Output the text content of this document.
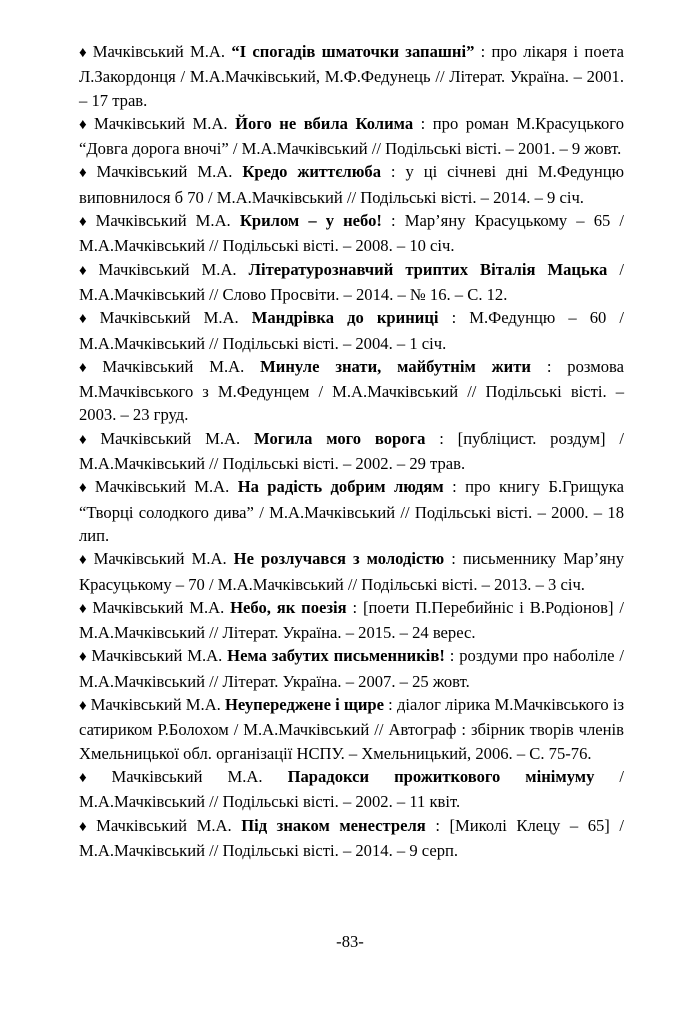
♦ Мачківський М.А. “І спогадів шматочки запашні” : про лікаря і поета Л.Закордонця / М.А.Мачківський, М.Ф.Федунець // Літерат. Україна. – 2001. – 17 трав.

♦ Мачківський М.А. Його не вбила Колима : про роман М.Красуцького “Довга дорога вночі” / М.А.Мачківський // Подільські вісті. – 2001. – 9 жовт.

♦ Мачківський М.А. Кредо життєлюба : у ці січневі дні М.Федунцю виповнилося б 70 / М.А.Мачківський // Подільські вісті. – 2014. – 9 січ.

♦ Мачківський М.А. Крилом – у небо! : Мар’яну Красуцькому – 65 / М.А.Мачківський // Подільські вісті. – 2008. – 10 січ.

♦ Мачківський М.А. Літературознавчий триптих Віталія Мацька / М.А.Мачківський // Слово Просвіти. – 2014. – № 16. – С. 12.

♦ Мачківський М.А. Мандрівка до криниці : М.Федунцю – 60 / М.А.Мачківський // Подільські вісті. – 2004. – 1 січ.

♦ Мачківський М.А. Минуле знати, майбутнім жити : розмова М.Мачківського з М.Федунцем / М.А.Мачківський // Подільські вісті. – 2003. – 23 груд.

♦ Мачківський М.А. Могила мого ворога : [публіцист. роздум] / М.А.Мачківський // Подільські вісті. – 2002. – 29 трав.

♦ Мачківський М.А. На радість добрим людям : про книгу Б.Грищука “Творці солодкого дива” / М.А.Мачківський // Подільські вісті. – 2000. – 18 лип.

♦ Мачківський М.А. Не розлучався з молодістю : письменнику Мар’яну Красуцькому – 70 / М.А.Мачківський // Подільські вісті. – 2013. – 3 січ.

♦ Мачківський М.А. Небо, як поезія : [поети П.Перебийніс і В.Родіонов] / М.А.Мачківський // Літерат. Україна. – 2015. – 24 верес.

♦ Мачківський М.А. Нема забутих письменників! : роздуми про наболіле / М.А.Мачківський // Літерат. Україна. – 2007. – 25 жовт.

♦ Мачківський М.А. Неупереджене і щире : діалог лірика М.Мачківського із сатириком Р.Болохом / М.А.Мачківський // Автограф : збірник творів членів Хмельницької обл. організації НСПУ. – Хмельницький, 2006. – С. 75-76.

♦ Мачківський М.А. Парадокси прожиткового мінімуму / М.А.Мачківський // Подільські вісті. – 2002. – 11 квіт.

♦ Мачківський М.А. Під знаком менестреля : [Миколі Клецу – 65] / М.А.Мачківський // Подільські вісті. – 2014. – 9 серп.

-83-
